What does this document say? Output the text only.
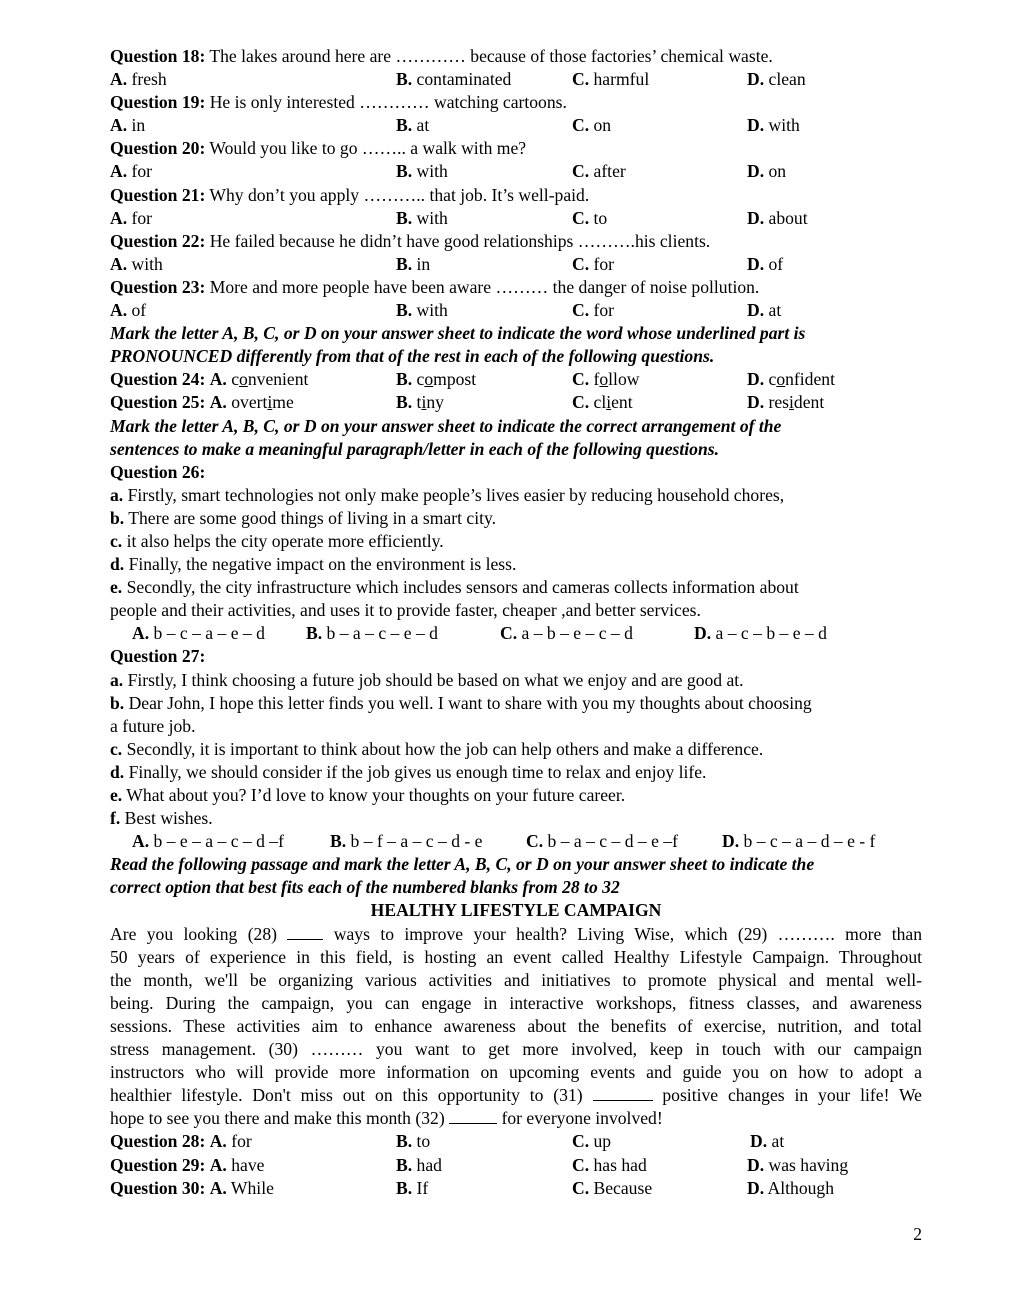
Question 18: The lakes around here are ………… because of those factories’ chemical waste.
A. fresh	B. contaminated	C. harmful	D. clean
Question 19: He is only interested ………… watching cartoons.
A. in	B. at	C. on	D. with
Question 20: Would you like to go …….. a walk with me?
A. for	B. with	C. after	D. on
Question 21: Why don’t you apply ……….. that job. It’s well-paid.
A. for	B. with	C. to	D. about
Question 22: He failed because he didn’t have good relationships ……….his clients.
A. with	B. in	C. for	D. of
Question 23: More and more people have been aware ……… the danger of noise pollution.
A. of	B. with	C. for	D. at
Mark the letter A, B, C, or D on your answer sheet to indicate the word whose underlined part is
PRONOUNCED differently from that of the rest in each of the following questions.
Question 24: A. convenient	B. compost	C. follow	D. confident
Question 25: A. overtime	B. tiny	C. client	D. resident
Mark the letter A, B, C, or D on your answer sheet to indicate the correct arrangement of the
sentences to make a meaningful paragraph/letter in each of the following questions.
Question 26:
a. Firstly, smart technologies not only make people’s lives easier by reducing household chores,
b. There are some good things of living in a smart city.
c. it also helps the city operate more efficiently.
d. Finally, the negative impact on the environment is less.
e. Secondly, the city infrastructure which includes sensors and cameras collects information about
people and their activities, and uses it to provide faster, cheaper ,and better services.
A. b – c – a – e – d	B. b – a – c – e – d	C. a – b – e – c – d	D. a – c – b – e – d
Question 27:
a. Firstly, I think choosing a future job should be based on what we enjoy and are good at.
b. Dear John, I hope this letter finds you well. I want to share with you my thoughts about choosing
a future job.
c. Secondly, it is important to think about how the job can help others and make a difference.
d. Finally, we should consider if the job gives us enough time to relax and enjoy life.
e. What about you? I’d love to know your thoughts on your future career.
f. Best wishes.
A. b – e – a – c – d –f	B. b – f – a – c – d - e	C. b – a – c – d – e –f	D. b – c – a – d – e - f
Read the following passage and mark the letter A, B, C, or D on your answer sheet to indicate the
correct option that best fits each of the numbered blanks from 28 to 32
HEALTHY LIFESTYLE CAMPAIGN
Are you looking (28)  ways to improve your health? Living Wise, which (29) ………. more than
50 years of experience in this field, is hosting an event called Healthy Lifestyle Campaign. Throughout
the month, we'll be organizing various activities and initiatives to promote physical and mental well-
being. During the campaign, you can engage in interactive workshops, fitness classes, and awareness
sessions. These activities aim to enhance awareness about the benefits of exercise, nutrition, and total
stress management. (30) ……… you want to get more involved, keep in touch with our campaign
instructors who will provide more information on upcoming events and guide you on how to adopt a
healthier lifestyle. Don't miss out on this opportunity to (31)	positive changes in your life! We
hope to see you there and make this month (32)	for everyone involved!
Question 28: A. for	B. to	C. up	D. at
Question 29: A. have	B. had	C. has had	D. was having
Question 30: A. While	B. If	C. Because	D. Although
2
